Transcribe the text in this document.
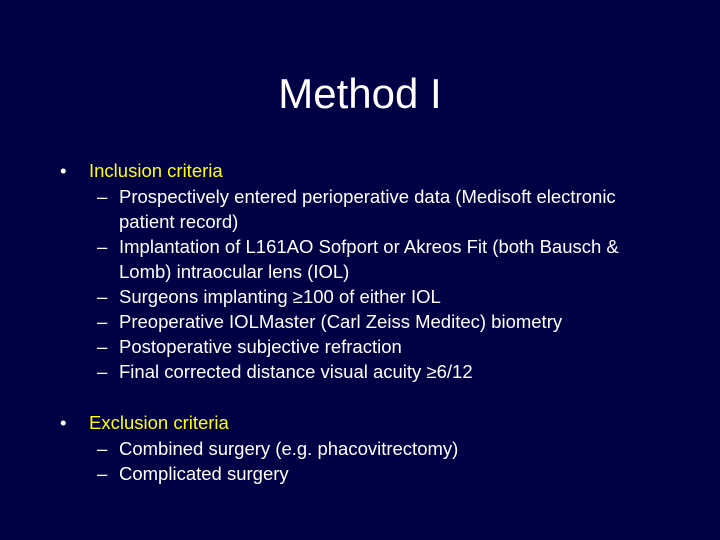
Method I
• Inclusion criteria
– Prospectively entered perioperative data (Medisoft electronic patient record)
– Implantation of L161AO Sofport or Akreos Fit (both Bausch & Lomb) intraocular lens (IOL)
– Surgeons implanting ≥100 of either IOL
– Preoperative IOLMaster (Carl Zeiss Meditec) biometry
– Postoperative subjective refraction
– Final corrected distance visual acuity ≥6/12
• Exclusion criteria
– Combined surgery (e.g. phacovitrectomy)
– Complicated surgery
